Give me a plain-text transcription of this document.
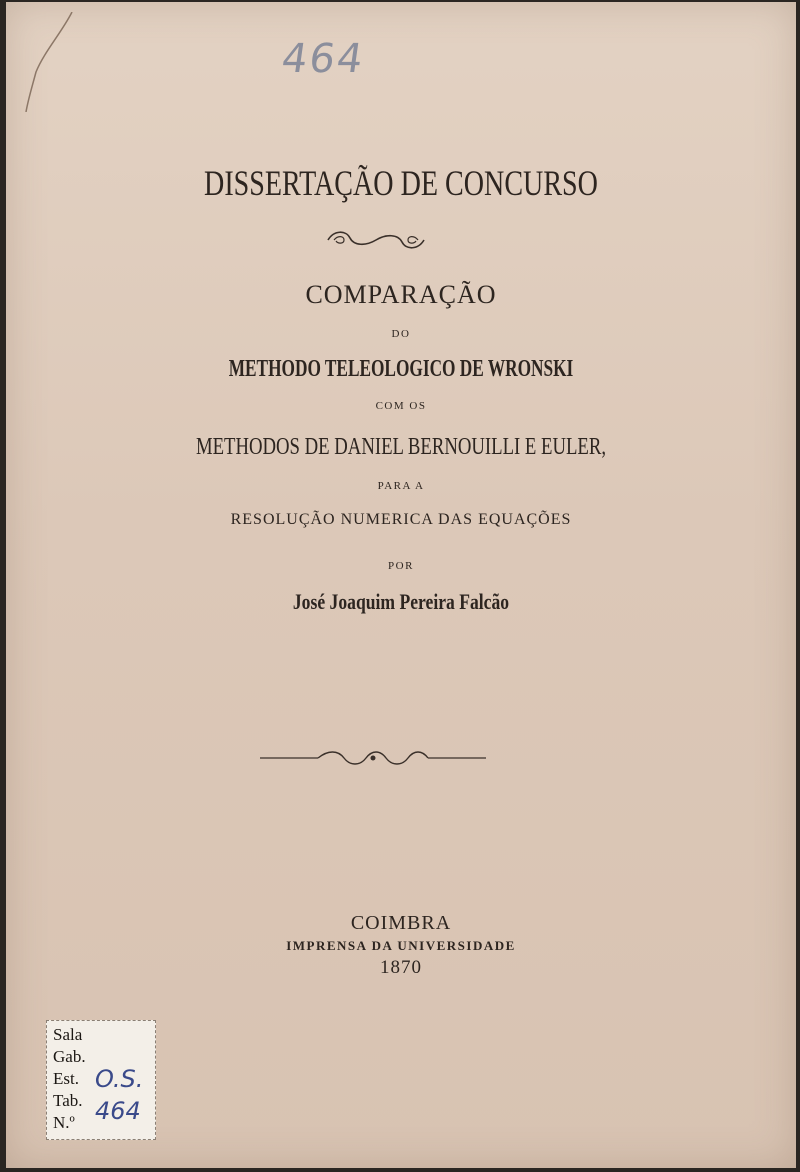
464
DISSERTAÇÃO DE CONCURSO
COMPARAÇÃO
DO
METHODO TELEOLOGICO DE WRONSKI
COM OS
METHODOS DE DANIEL BERNOUILLI E EULER,
PARA A
RESOLUÇÃO NUMERICA DAS EQUAÇÕES
POR
José Joaquim Pereira Falcão
COIMBRA
IMPRENSA DA UNIVERSIDADE
1870
Sala
Gab.
Est.
Tab.
N.º
O.S.
464
